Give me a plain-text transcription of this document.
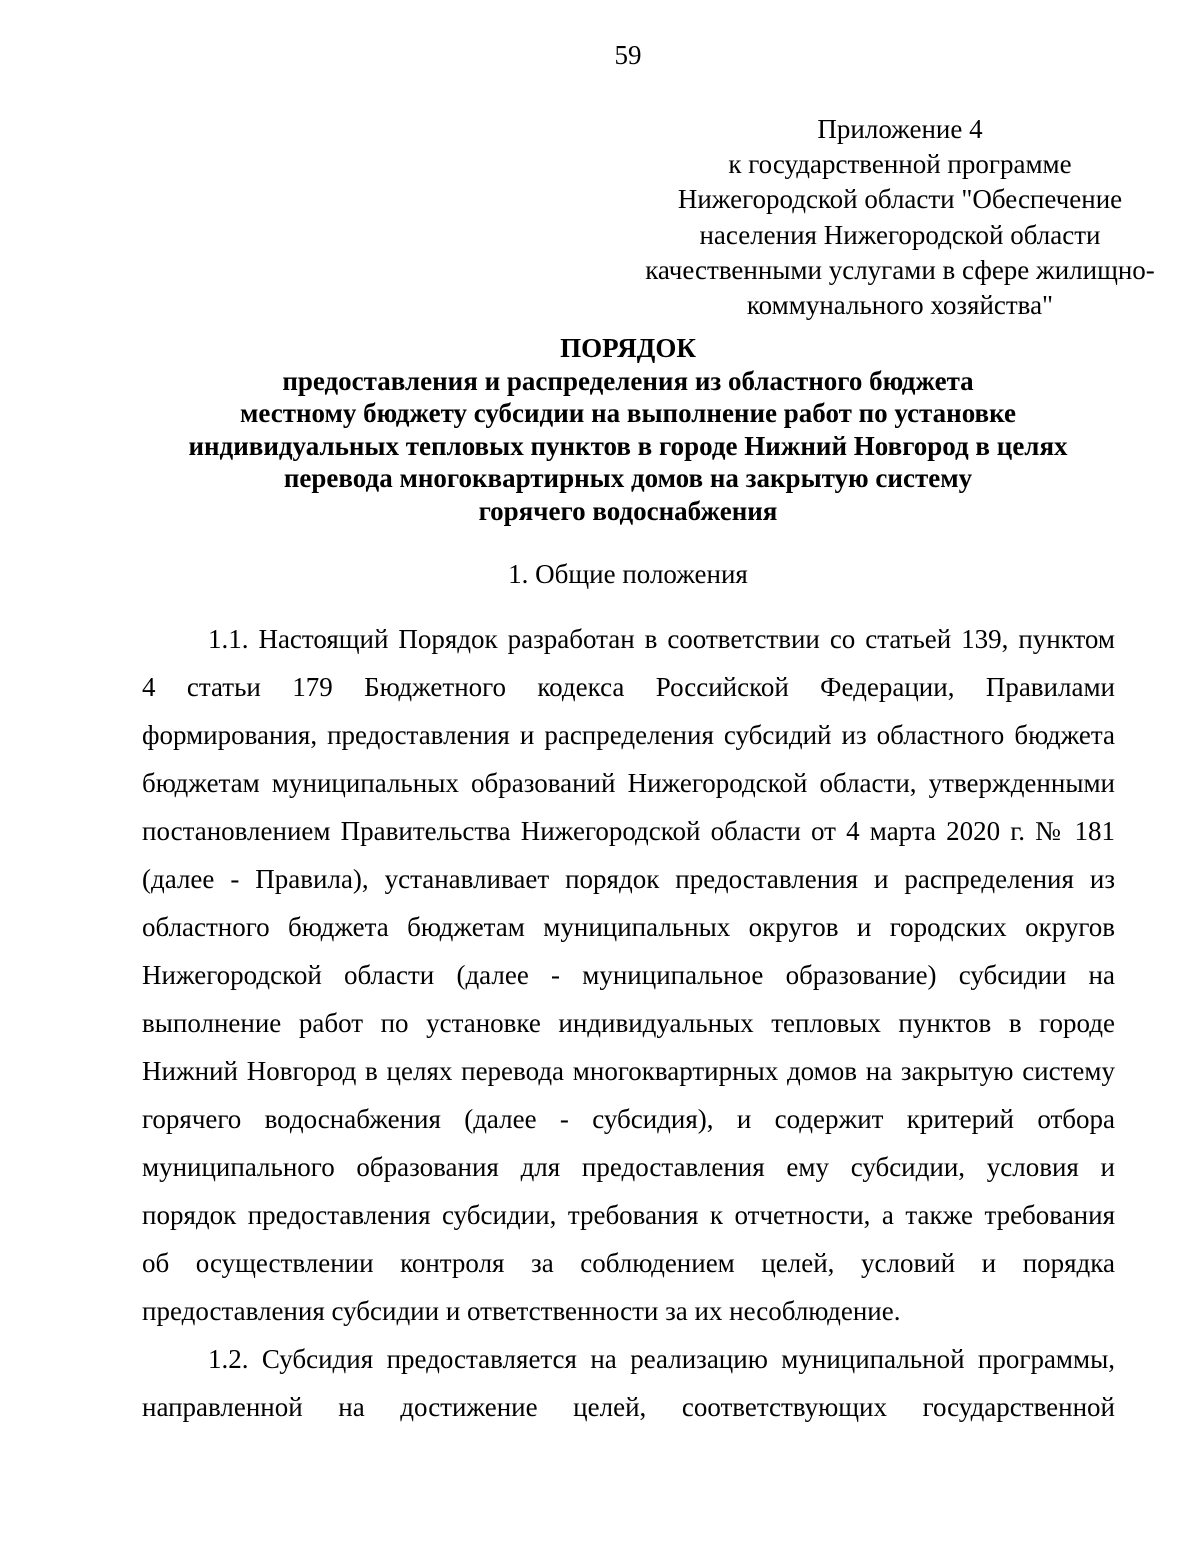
59
Приложение 4
к государственной программе
Нижегородской области "Обеспечение
населения Нижегородской области
качественными услугами в сфере жилищно-
коммунального хозяйства"
ПОРЯДОК
предоставления и распределения из областного бюджета
местному бюджету субсидии на выполнение работ по установке
индивидуальных тепловых пунктов в городе Нижний Новгород в целях
перевода многоквартирных домов на закрытую систему
горячего водоснабжения
1. Общие положения
1.1. Настоящий Порядок разработан в соответствии со статьей 139, пунктом
4 статьи 179 Бюджетного кодекса Российской Федерации, Правилами
формирования, предоставления и распределения субсидий из областного бюджета
бюджетам муниципальных образований Нижегородской области, утвержденными
постановлением Правительства Нижегородской области от 4 марта 2020 г. № 181
(далее - Правила), устанавливает порядок предоставления и распределения из
областного бюджета бюджетам муниципальных округов и городских округов
Нижегородской области (далее - муниципальное образование) субсидии на
выполнение работ по установке индивидуальных тепловых пунктов в городе
Нижний Новгород в целях перевода многоквартирных домов на закрытую систему
горячего водоснабжения (далее - субсидия), и содержит критерий отбора
муниципального образования для предоставления ему субсидии, условия и
порядок предоставления субсидии, требования к отчетности, а также требования
об осуществлении контроля за соблюдением целей, условий и порядка
предоставления субсидии и ответственности за их несоблюдение.
1.2. Субсидия предоставляется на реализацию муниципальной программы,
направленной на достижение целей, соответствующих государственной
